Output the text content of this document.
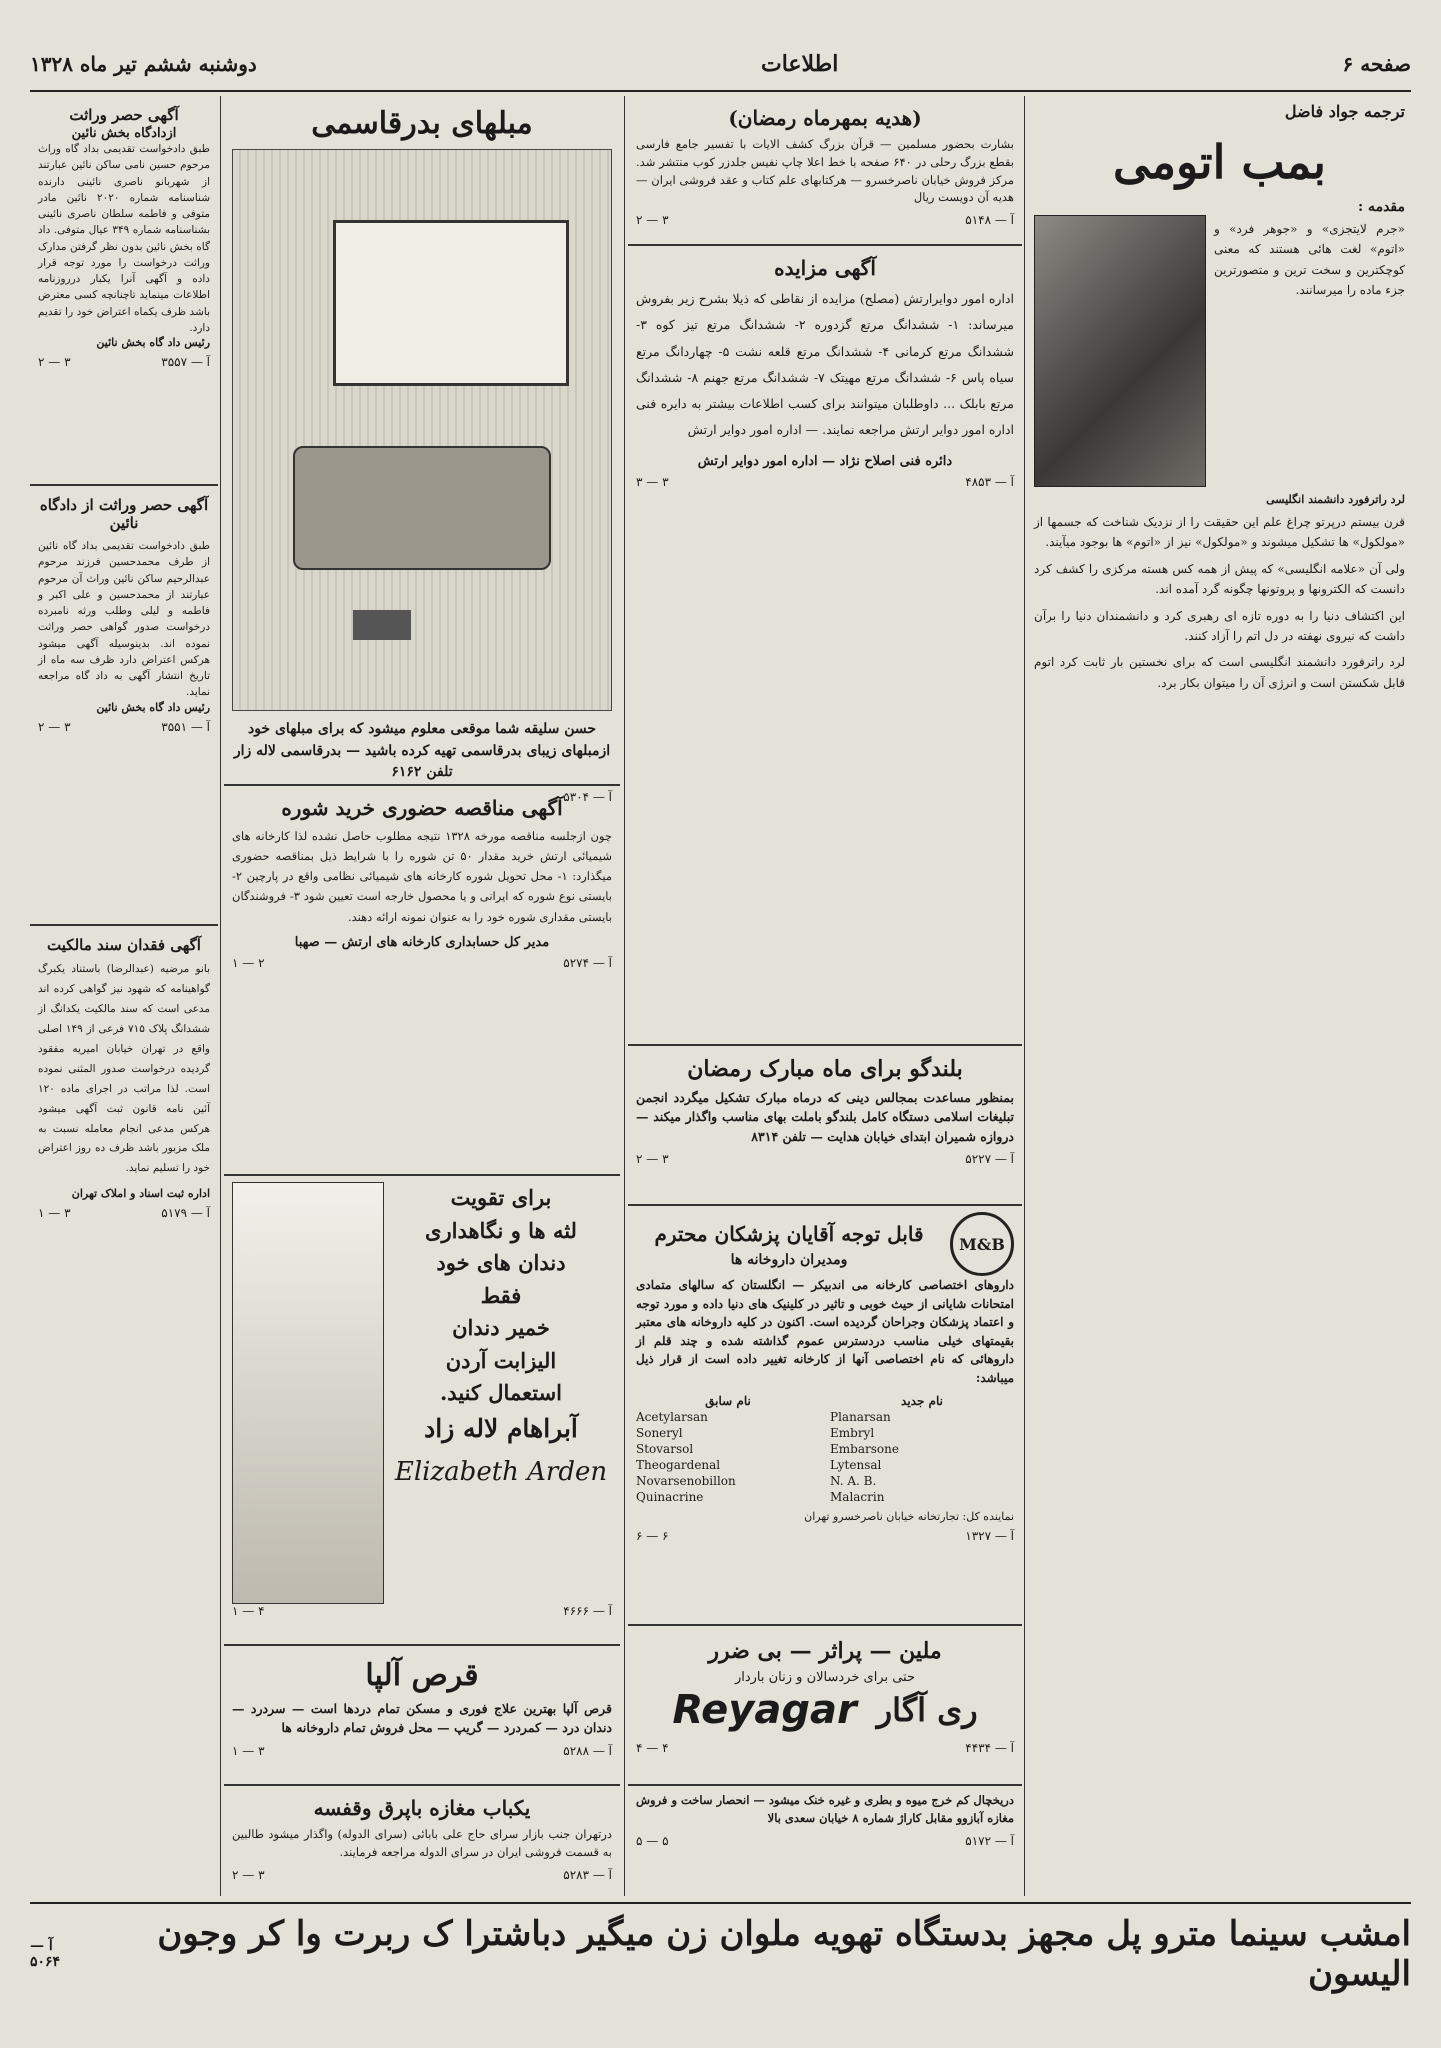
صفحه ۶
اطلاعات
دوشنبه ششم تیر ماه ۱۳۲۸
ترجمه جواد فاضل
بمب اتومی
مقدمه :

«جرم لایتجزی» و «جوهر فرد» و «اتوم» لغت هائی هستند که معنی کوچکترین و سخت ترین و متصورترین جزء ماده را میرسانند.

لرد راترفورد دانشمند انگلیسی

قرن بیستم درپرتو چراغ علم این حقیقت را از نزدیک شناخت که جسمها از «مولکول» ها تشکیل میشوند و «مولکول» نیز از «اتوم» ها بوجود میآیند.

ولی آن «علامه انگلیسی» که پیش از همه کس هسته مرکزی را کشف کرد دانست که الکترونها و پروتونها چگونه گرد آمده اند.

این اکتشاف دنیا را به دوره تازه ای رهبری کرد و دانشمندان دنیا را برآن داشت که نیروی نهفته در دل اتم را آزاد کنند.

لرد راترفورد دانشمند انگلیسی است که برای نخستین بار ثابت کرد اتوم قابل شکستن است و انرژی آن را میتوان بکار برد.

(هدیه بمهرماه رمضان)

بشارت بحضور مسلمین — قرآن بزرگ کشف الایات با تفسیر جامع فارسی بقطع بزرگ رحلی در ۶۴۰ صفحه با خط اعلا چاپ نفیس جلدزر کوب منتشر شد. مرکز فروش خیابان ناصرخسرو — هرکتابهای علم کتاب و عقد فروشی ایران — هدیه آن دویست ریال

۲ — ۳	آ — ۵۱۴۸
آگهی مزایده

اداره امور دوایرارتش (مصلح) مزایده از نقاطی که ذیلا بشرح زیر بفروش میرساند: ۱- ششدانگ مرتع گزدوره ۲- ششدانگ مرتع تیز کوه ۳- ششدانگ مرتع کرمانی ۴- ششدانگ مرتع قلعه نشت ۵- چهاردانگ مرتع سیاه پاس ۶- ششدانگ مرتع مهیتک ۷- ششدانگ مرتع جهنم ۸- ششدانگ مرتع بابلک ... داوطلبان میتوانند برای کسب اطلاعات بیشتر به دایره فنی اداره امور دوایر ارتش مراجعه نمایند. — اداره امور دوایر ارتش

دائره فنی اصلاح نژاد — اداره امور دوایر ارتش
۳ — ۳	آ — ۴۸۵۳
بلندگو برای ماه مبارک رمضان

بمنظور مساعدت بمجالس دینی که درماه مبارک تشکیل میگردد انجمن تبلیغات اسلامی دستگاه کامل بلندگو باملت بهای مناسب واگذار میکند — دروازه شمیران ابتدای خیابان هدایت — تلفن ۸۳۱۴

۲ — ۳	آ — ۵۲۲۷
M&B
قابل توجه آقایان پزشکان محترم
ومدیران داروخانه ها

داروهای اختصاصی کارخانه می اندبیکر — انگلستان که سالهای متمادی امتحانات شایانی از حیث خوبی و تاثیر در کلینیک های دنیا داده و مورد توجه و اعتماد پزشکان وجراحان گردیده است. اکنون در کلیه داروخانه های معتبر بقیمتهای خیلی مناسب دردسترس عموم گذاشته شده و چند قلم از داروهائی که نام اختصاصی آنها از کارخانه تغییر داده است از قرار ذیل میباشد:

نام سابق	نام جدید
Acetylarsan	Planarsan
Soneryl	Embryl
Stovarsol	Embarsone
Theogardenal	Lytensal
Novarsenobillon	N. A. B.
Quinacrine	Malacrin
نماینده کل: تجارتخانه خیابان ناصرخسرو تهران
۶ — ۶	آ — ۱۳۲۷
ملین — پراثر — بی ضرر
حتی برای خردسالان و زنان باردار
ری آگار
Reyagar
۴ — ۴	آ — ۴۴۳۴

دریخچال کم خرج میوه و بطری و غیره خنک میشود — انحصار ساخت و فروش مغازه آبازوو مقابل کاراژ شماره ۸ خیابان سعدی بالا

۵ — ۵	آ — ۵۱۷۲
مبلهای بدرقاسمی

حسن سلیقه شما موقعی معلوم میشود که برای مبلهای خود ازمبلهای زیبای بدرقاسمی تهیه کرده باشید — بدرقاسمی لاله زار تلفن ۶۱۶۲

آ — ۵۳۰۴
آگهی مناقصه حضوری خرید شوره

چون ازجلسه مناقصه مورخه ۱۳۲۸ نتیجه مطلوب حاصل نشده لذا کارخانه های شیمیائی ارتش خرید مقدار ۵۰ تن شوره را با شرایط ذیل بمناقصه حضوری میگذارد: ۱- محل تحویل شوره کارخانه های شیمیائی نظامی واقع در پارچین ۲- بایستی نوع شوره که ایرانی و یا محصول خارجه است تعیین شود ۳- فروشندگان بایستی مقداری شوره خود را به عنوان نمونه ارائه دهند.

مدیر کل حسابداری کارخانه های ارتش — صهبا
۱ — ۲	آ — ۵۲۷۴
برای تقویت
لثه ها و نگاهداری
دندان های خود
فقط
خمیر دندان
الیزابت آردن
استعمال کنید.
آبراهام لاله زاد
Elizabeth Arden
۱ — ۴	آ — ۴۶۶۶
قرص آلپا

قرص آلپا بهترین علاج فوری و مسکن تمام دردها است — سردرد — دندان درد — کمردرد — گریپ — محل فروش تمام داروخانه ها

۱ — ۳	آ — ۵۲۸۸
یکباب مغازه باپرق وقفسه

درتهران جنب بازار سرای حاج علی بابائی (سرای الدوله) واگذار میشود طالبین به قسمت فروشی ایران در سرای الدوله مراجعه فرمایند.

۲ — ۳	آ — ۵۲۸۳
آگهی حصر وراثت
ازدادگاه بخش نائین

طبق دادخواست تقدیمی بداد گاه وراث مرحوم حسین نامی ساکن نائین عبارتند از شهربانو ناصری نائینی دارنده شناسنامه شماره ۲۰۲۰ نائین مادر متوفی و فاطمه سلطان ناصری نائینی بشناسنامه شماره ۳۴۹ عیال متوفی. داد گاه بخش نائین بدون نظر گرفتن مدارک وراثت درخواست را مورد توجه قرار داده و آگهی آنرا یکبار درروزنامه اطلاعات مینماید تاچنانچه کسی معترض باشد ظرف یکماه اعتراض خود را تقدیم دارد.

رئیس داد گاه بخش نائین
۲ — ۳	آ — ۳۵۵۷
آگهی حصر وراثت از دادگاه نائین

طبق دادخواست تقدیمی بداد گاه نائین از طرف محمدحسین فرزند مرحوم عبدالرحیم ساکن نائین وراث آن مرحوم عبارتند از محمدحسین و علی اکبر و فاطمه و لیلی وطلب ورثه نامبرده درخواست صدور گواهی حصر وراثت نموده اند. بدینوسیله آگهی میشود هرکس اعتراض دارد ظرف سه ماه از تاریخ انتشار آگهی به داد گاه مراجعه نماید.

رئیس داد گاه بخش نائین
۲ — ۳	آ — ۳۵۵۱
آگهی فقدان سند مالکیت

بانو مرضیه (عبدالرضا) باستناد یکبرگ گواهینامه که شهود نیز گواهی کرده اند مدعی است که سند مالکیت یکدانگ از ششدانگ پلاک ۷۱۵ فرعی از ۱۴۹ اصلی واقع در تهران خیابان امیریه مفقود گردیده درخواست صدور المثنی نموده است. لذا مراتب در اجرای ماده ۱۲۰ آئین نامه قانون ثبت آگهی میشود هرکس مدعی انجام معامله نسبت به ملک مزبور باشد ظرف ده روز اعتراض خود را تسلیم نماید.

اداره ثبت اسناد و املاک تهران
۱ — ۳	آ — ۵۱۷۹
امشب سینما مترو پل مجهز بدستگاه تهویه ملوان زن میگیر دباشترا ک ربرت وا کر وجون الیسون
آ — ۵۰۶۴
